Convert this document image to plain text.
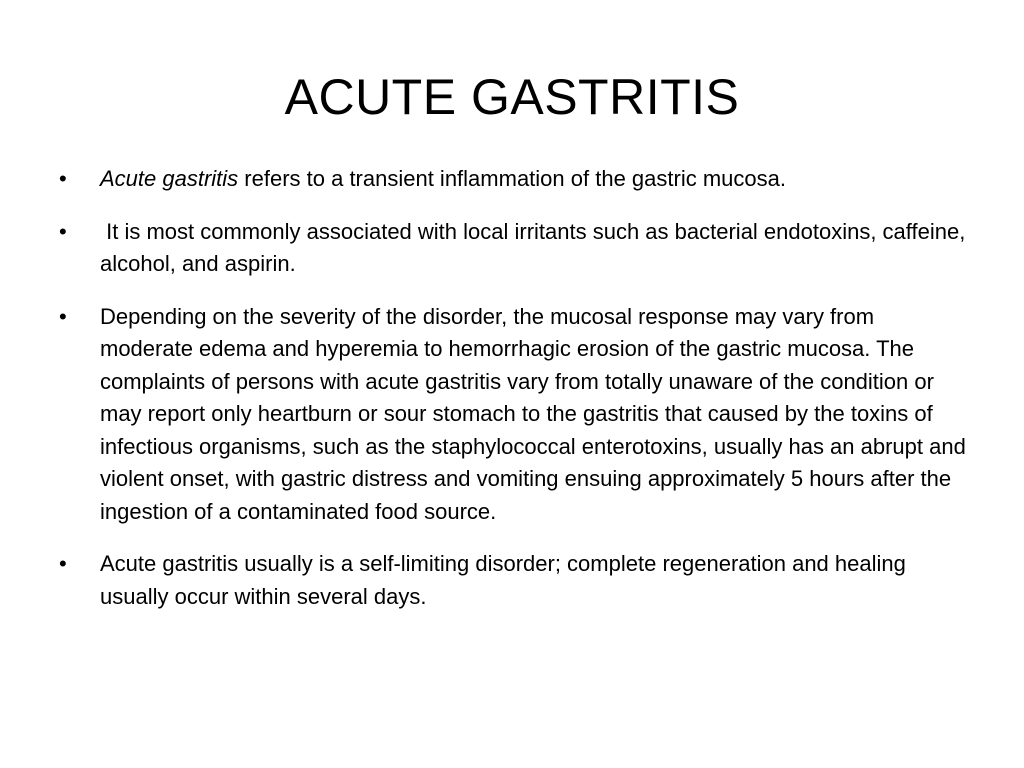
ACUTE GASTRITIS
• Acute gastritis refers to a transient inflammation of the gastric mucosa.
• It is most commonly associated with local irritants such as bacterial endotoxins, caffeine, alcohol, and aspirin.
• Depending on the severity of the disorder, the mucosal response may vary from moderate edema and hyperemia to hemorrhagic erosion of the gastric mucosa. The complaints of persons with acute gastritis vary from totally unaware of the condition or may report only heartburn or sour stomach to the gastritis that caused by the toxins of infectious organisms, such as the staphylococcal enterotoxins, usually has an abrupt and violent onset, with gastric distress and vomiting ensuing approximately 5 hours after the ingestion of a contaminated food source.
• Acute gastritis usually is a self-limiting disorder; complete regeneration and healing usually occur within several days.
